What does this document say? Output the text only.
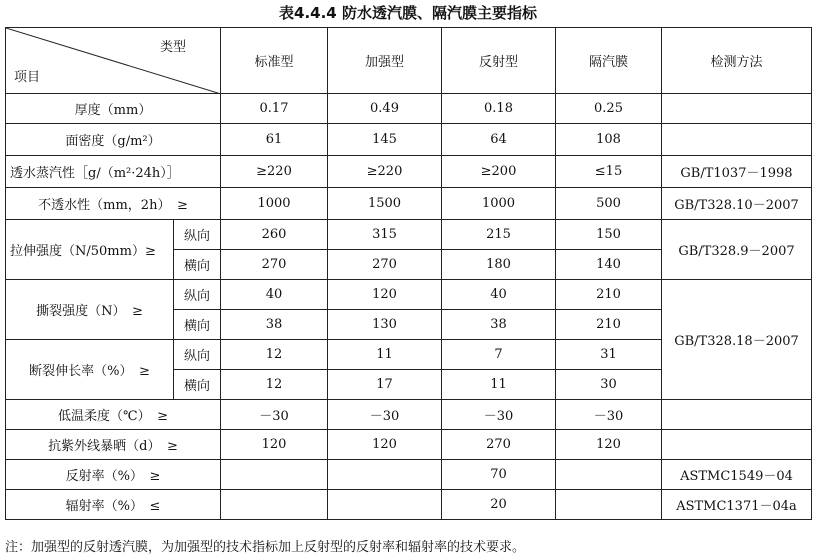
表4.4.4 防水透汽膜、隔汽膜主要指标
类型
项目		标准型	加强型	反射型	隔汽膜	检测方法
厚度（mm）		0.17	0.49	0.18	0.25	
面密度（g/m²）		61	145	64	108	
透水蒸汽性［g/（m²·24h）］		≥220	≥220	≥200	≤15	GB/T1037－1998
不透水性（mm，2h）　≥		1000	1500	1000	500	GB/T328.10－2007
拉伸强度（N/50mm）≥	纵向	260	315	215	150	GB/T328.9－2007
	横向	270	270	180	140	
撕裂强度（N）　≥	纵向	40	120	40	210	GB/T328.18－2007
	横向	38	130	38	210	
断裂伸长率（%）　≥	纵向	12	11	7	31	
	横向	12	17	11	30	
低温柔度（℃）　≥		－30	－30	－30	－30	
抗紫外线暴晒（d）　≥		120	120	270	120	
反射率（%）　≥				70		ASTMC1549－04
辐射率（%）　≤				20		ASTMC1371－04a
注：加强型的反射透汽膜，为加强型的技术指标加上反射型的反射率和辐射率的技术要求。
